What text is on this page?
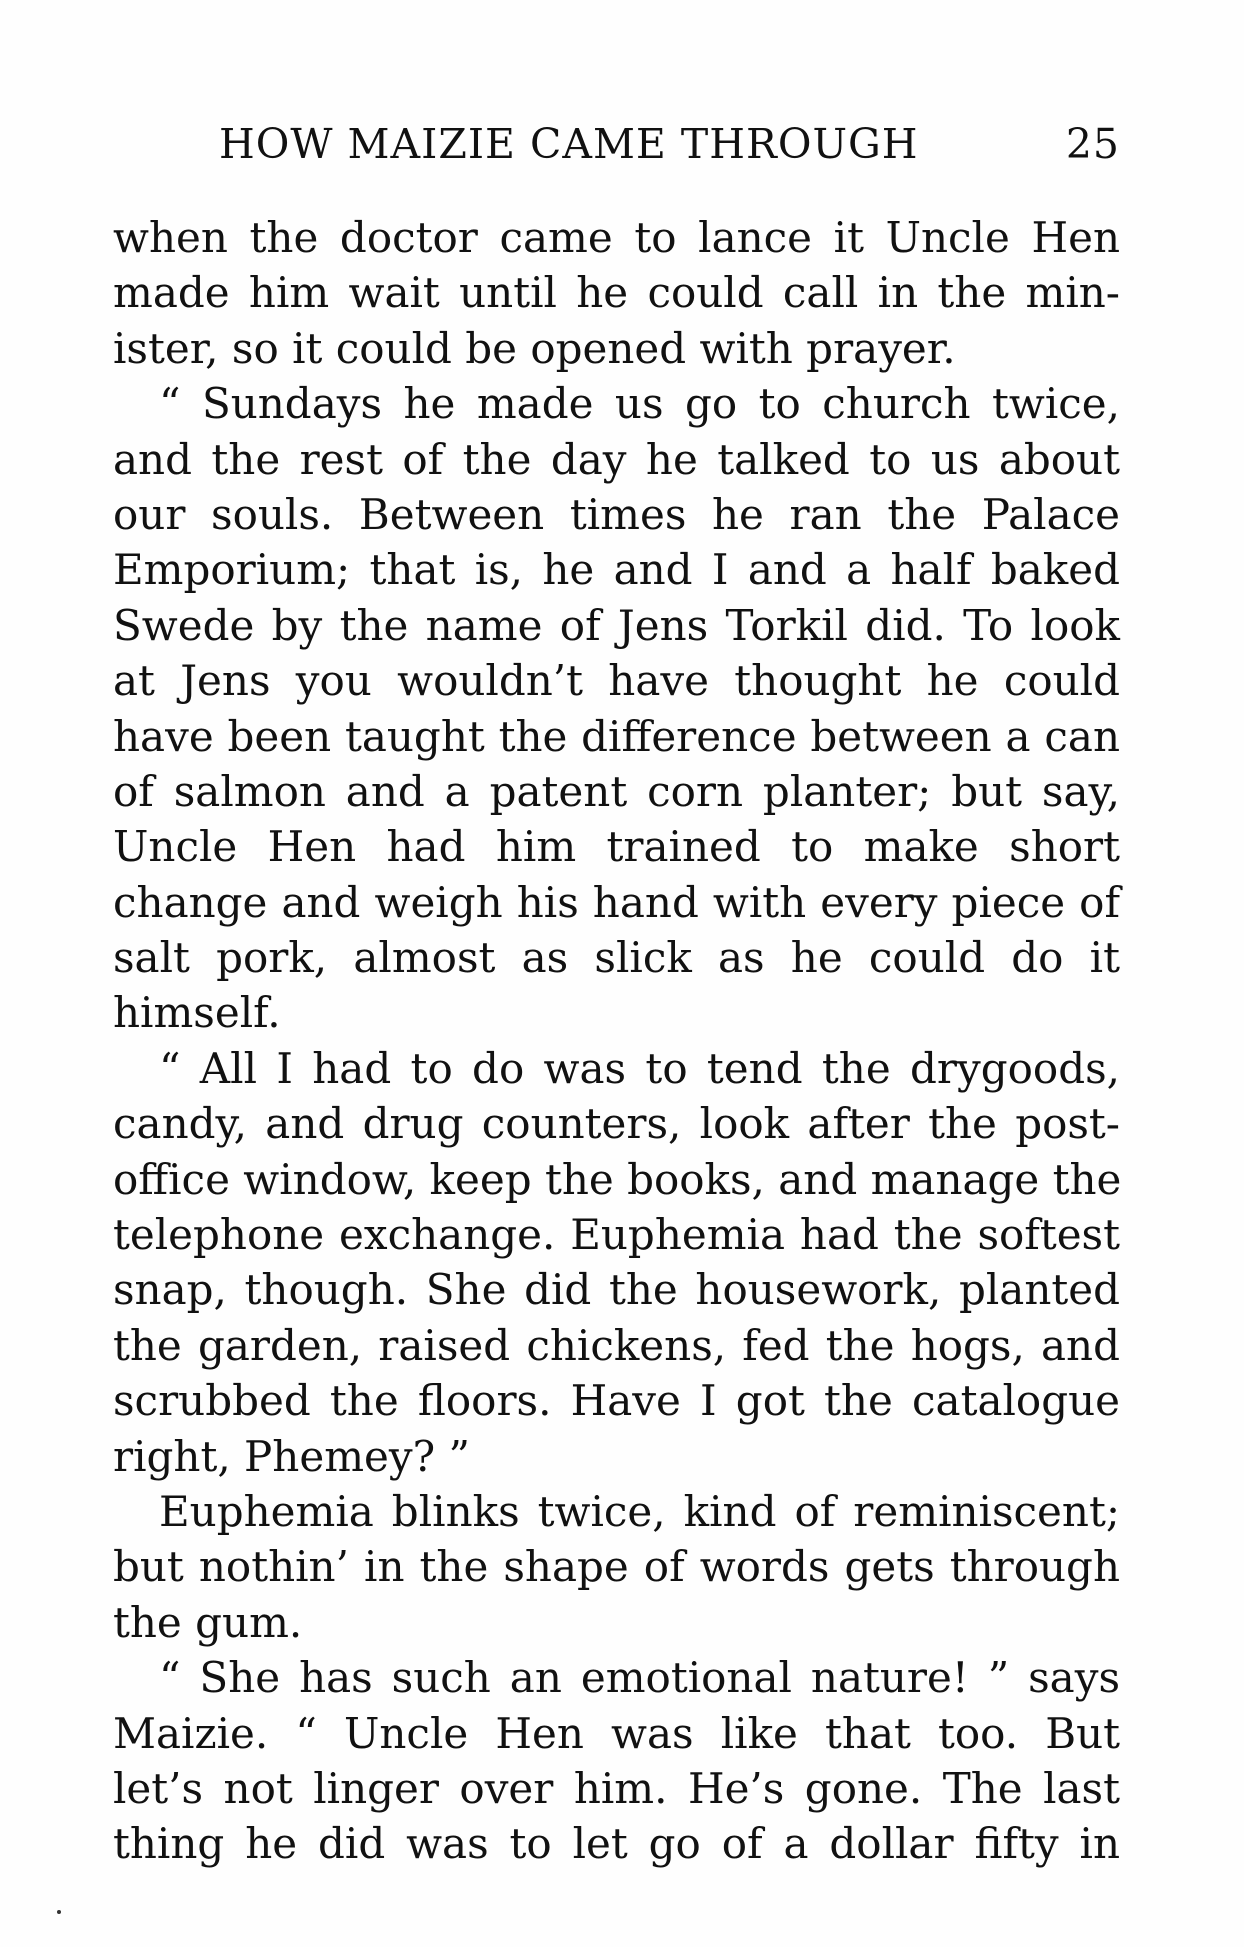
HOW MAIZIE CAME THROUGH	25
when the doctor came to lance it Uncle Hen
made him wait until he could call in the min-
ister, so it could be opened with prayer.
“ Sundays he made us go to church twice,
and the rest of the day he talked to us about
our souls. Between times he ran the Palace
Emporium; that is, he and I and a half baked
Swede by the name of Jens Torkil did. To look
at Jens you wouldn’t have thought he could
have been taught the difference between a can
of salmon and a patent corn planter; but say,
Uncle Hen had him trained to make short
change and weigh his hand with every piece of
salt pork, almost as slick as he could do it
himself.
“ All I had to do was to tend the drygoods,
candy, and drug counters, look after the post-
office window, keep the books, and manage the
telephone exchange. Euphemia had the softest
snap, though. She did the housework, planted
the garden, raised chickens, fed the hogs, and
scrubbed the floors. Have I got the catalogue
right, Phemey? ”
Euphemia blinks twice, kind of reminiscent;
but nothin’ in the shape of words gets through
the gum.
“ She has such an emotional nature! ” says
Maizie. “ Uncle Hen was like that too. But
let’s not linger over him. He’s gone. The last
thing he did was to let go of a dollar fifty in
